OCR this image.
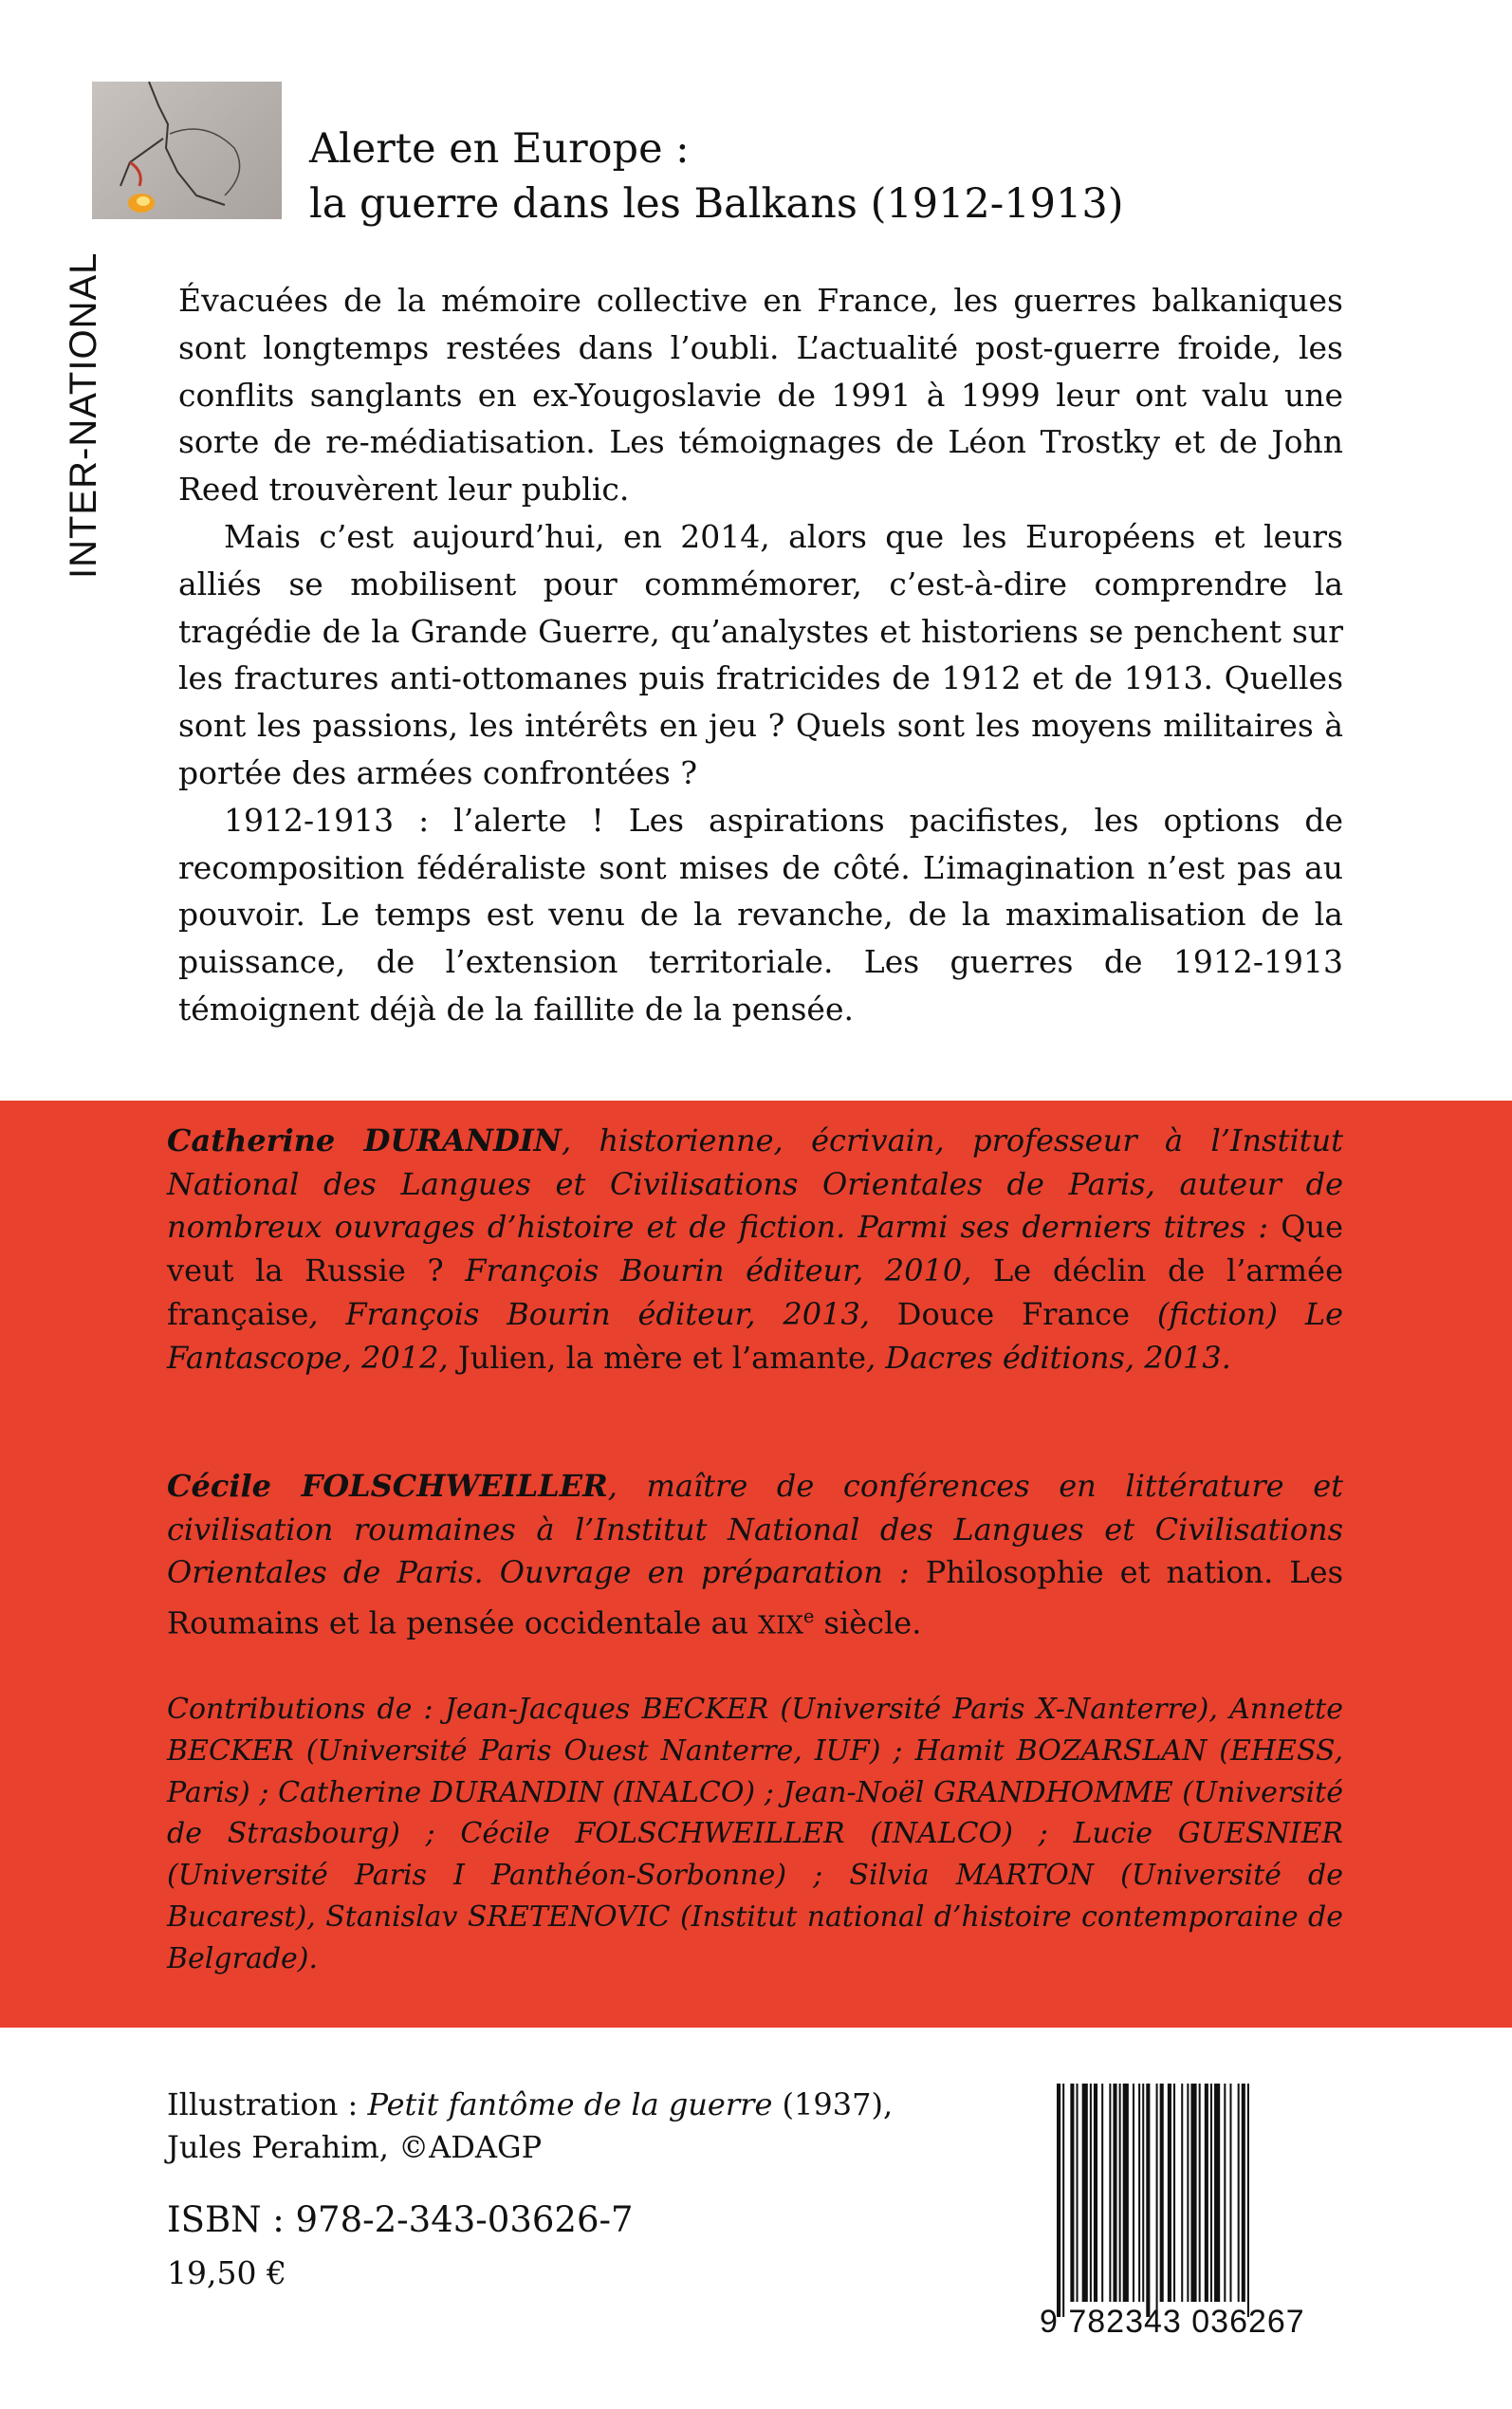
INTER-NATIONAL
Alerte en Europe :
la guerre dans les Balkans (1912-1913)

Évacuées de la mémoire collective en France, les guerres balkaniques sont longtemps restées dans l’oubli. L’actualité post-guerre froide, les conflits sanglants en ex-Yougoslavie de 1991 à 1999 leur ont valu une sorte de re-médiatisation. Les témoignages de Léon Trostky et de John Reed trouvèrent leur public.

Mais c’est aujourd’hui, en 2014, alors que les Européens et leurs alliés se mobilisent pour commémorer, c’est-à-dire comprendre la tragédie de la Grande Guerre, qu’analystes et historiens se penchent sur les fractures anti-ottomanes puis fratricides de 1912 et de 1913. Quelles sont les passions, les intérêts en jeu ? Quels sont les moyens militaires à portée des armées confrontées ?

1912-1913 : l’alerte ! Les aspirations pacifistes, les options de recomposition fédéraliste sont mises de côté. L’imagination n’est pas au pouvoir. Le temps est venu de la revanche, de la maximalisation de la puissance, de l’extension territoriale. Les guerres de 1912-1913 témoignent déjà de la faillite de la pensée.

Catherine DURANDIN, historienne, écrivain, professeur à l’Institut National des Langues et Civilisations Orientales de Paris, auteur de nombreux ouvrages d’histoire et de fiction. Parmi ses derniers titres : Que veut la Russie ? François Bourin éditeur, 2010, Le déclin de l’armée française, François Bourin éditeur, 2013, Douce France (fiction) Le Fantascope, 2012, Julien, la mère et l’amante, Dacres éditions, 2013.
Cécile FOLSCHWEILLER, maître de conférences en littérature et civilisation roumaines à l’Institut National des Langues et Civilisations Orientales de Paris. Ouvrage en préparation : Philosophie et nation. Les Roumains et la pensée occidentale au XIXe siècle.
Contributions de : Jean-Jacques BECKER (Université Paris X-Nanterre), Annette BECKER (Université Paris Ouest Nanterre, IUF) ; Hamit BOZARSLAN (EHESS, Paris) ; Catherine DURANDIN (INALCO) ; Jean-Noël GRANDHOMME (Université de Strasbourg) ; Cécile FOLSCHWEILLER (INALCO) ; Lucie GUESNIER (Université Paris I Panthéon-Sorbonne) ; Silvia MARTON (Université de Bucarest), Stanislav SRETENOVIC (Institut national d’histoire contemporaine de Belgrade).
Illustration : Petit fantôme de la guerre (1937),
Jules Perahim, ©ADAGP
ISBN : 978-2-343-03626-7
19,50 €
9 782343 036267
